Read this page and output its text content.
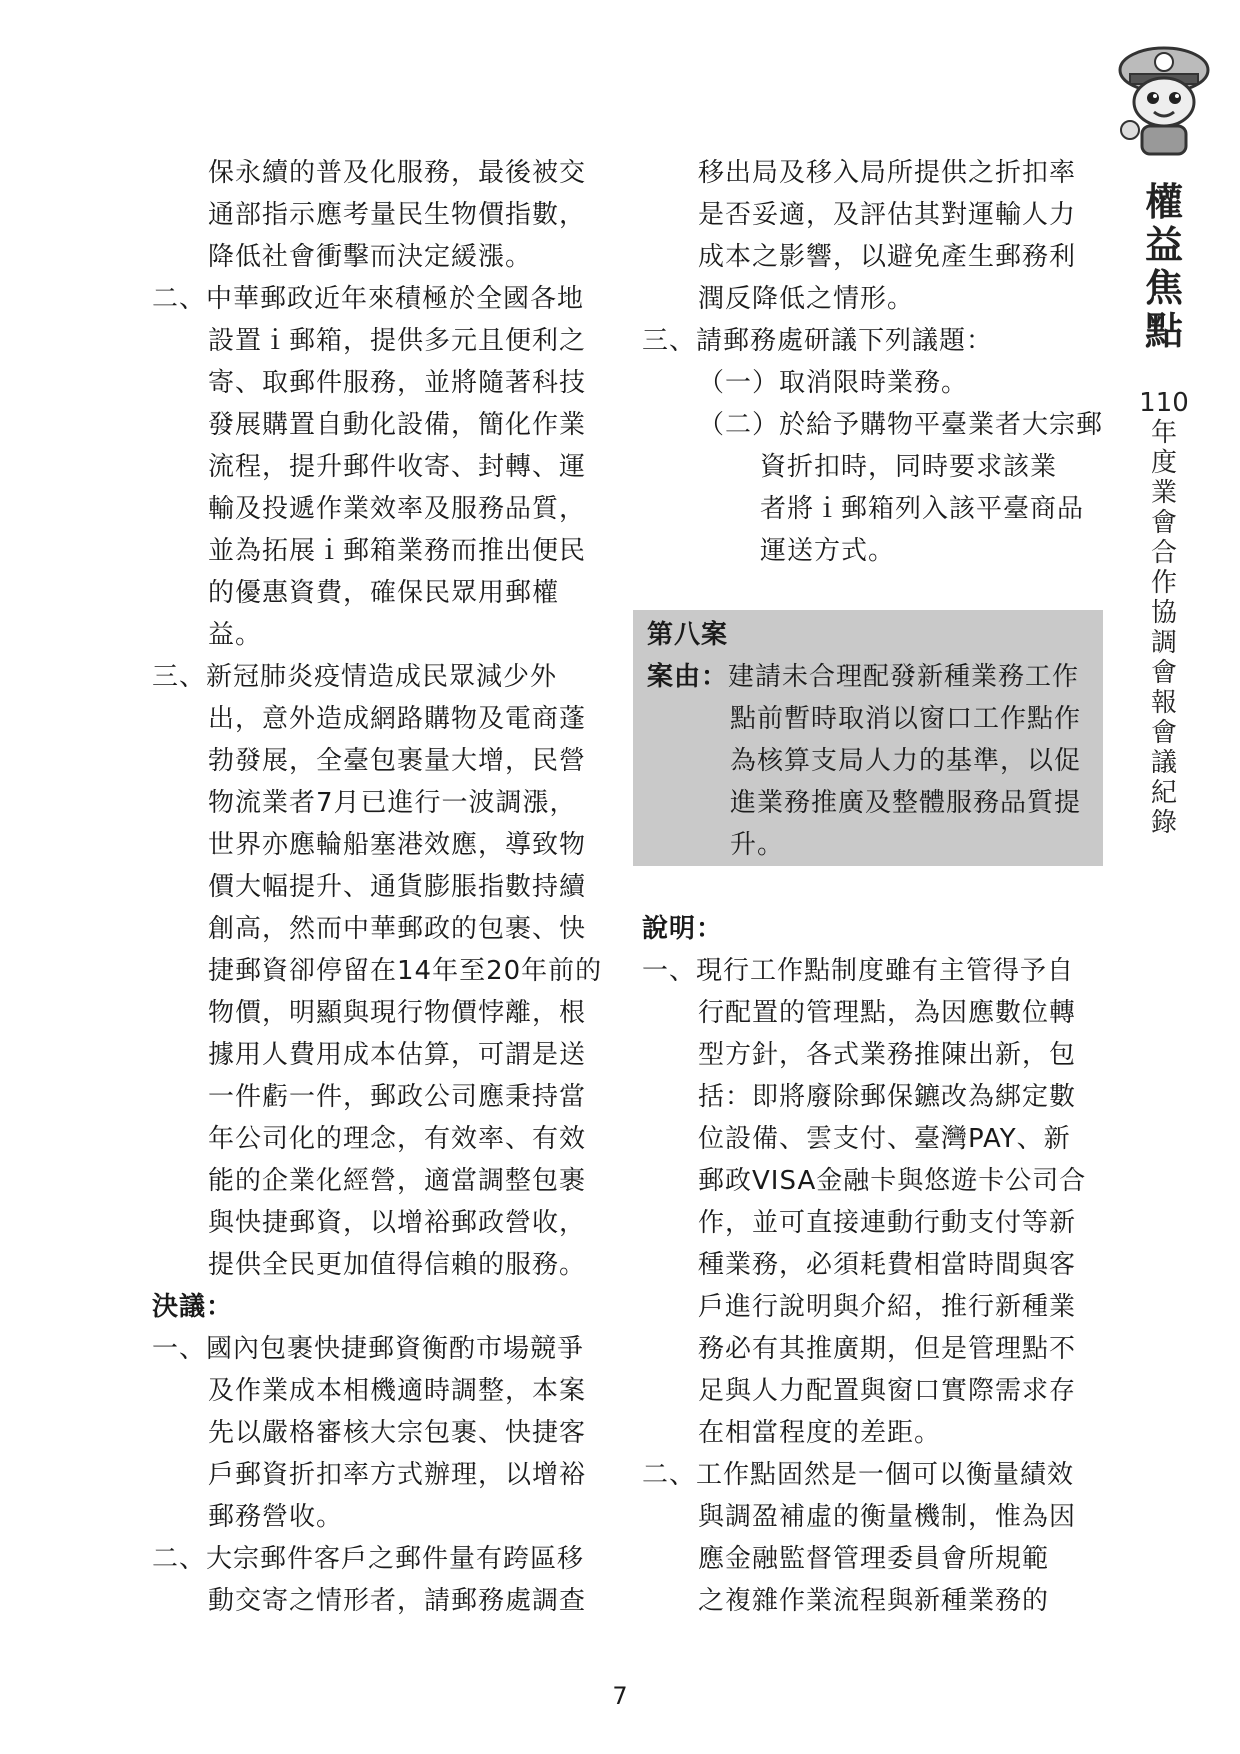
保永續的普及化服務，最後被交
通部指示應考量民生物價指數，
降低社會衝擊而決定緩漲。
二、中華郵政近年來積極於全國各地
設置ｉ郵箱，提供多元且便利之
寄、取郵件服務，並將隨著科技
發展購置自動化設備，簡化作業
流程，提升郵件收寄、封轉、運
輸及投遞作業效率及服務品質，
並為拓展ｉ郵箱業務而推出便民
的優惠資費，確保民眾用郵權
益。
三、新冠肺炎疫情造成民眾減少外
出，意外造成網路購物及電商蓬
勃發展，全臺包裹量大增，民營
物流業者7月已進行一波調漲，
世界亦應輪船塞港效應，導致物
價大幅提升、通貨膨脹指數持續
創高，然而中華郵政的包裹、快
捷郵資卻停留在14年至20年前的
物價，明顯與現行物價悖離，根
據用人費用成本估算，可謂是送
一件虧一件，郵政公司應秉持當
年公司化的理念，有效率、有效
能的企業化經營，適當調整包裹
與快捷郵資，以增裕郵政營收，
提供全民更加值得信賴的服務。
決議：
一、國內包裹快捷郵資衡酌市場競爭
及作業成本相機適時調整，本案
先以嚴格審核大宗包裹、快捷客
戶郵資折扣率方式辦理，以增裕
郵務營收。
二、大宗郵件客戶之郵件量有跨區移
動交寄之情形者，請郵務處調查
移出局及移入局所提供之折扣率
是否妥適，及評估其對運輸人力
成本之影響，以避免產生郵務利
潤反降低之情形。
三、請郵務處研議下列議題：
（一）取消限時業務。
（二）於給予購物平臺業者大宗郵
資折扣時，同時要求該業
者將ｉ郵箱列入該平臺商品
運送方式。
第八案
案由：建請未合理配發新種業務工作
點前暫時取消以窗口工作點作
為核算支局人力的基準，以促
進業務推廣及整體服務品質提
升。
說明：
一、現行工作點制度雖有主管得予自
行配置的管理點，為因應數位轉
型方針，各式業務推陳出新，包
括：即將廢除郵保鑣改為綁定數
位設備、雲支付、臺灣PAY、新
郵政VISA金融卡與悠遊卡公司合
作，並可直接連動行動支付等新
種業務，必須耗費相當時間與客
戶進行說明與介紹，推行新種業
務必有其推廣期，但是管理點不
足與人力配置與窗口實際需求存
在相當程度的差距。
二、工作點固然是一個可以衡量績效
與調盈補虛的衡量機制，惟為因
應金融監督管理委員會所規範
之複雜作業流程與新種業務的
權
益
焦
點
110
年
度
業
會
合
作
協
調
會
報
會
議
紀
錄
7
